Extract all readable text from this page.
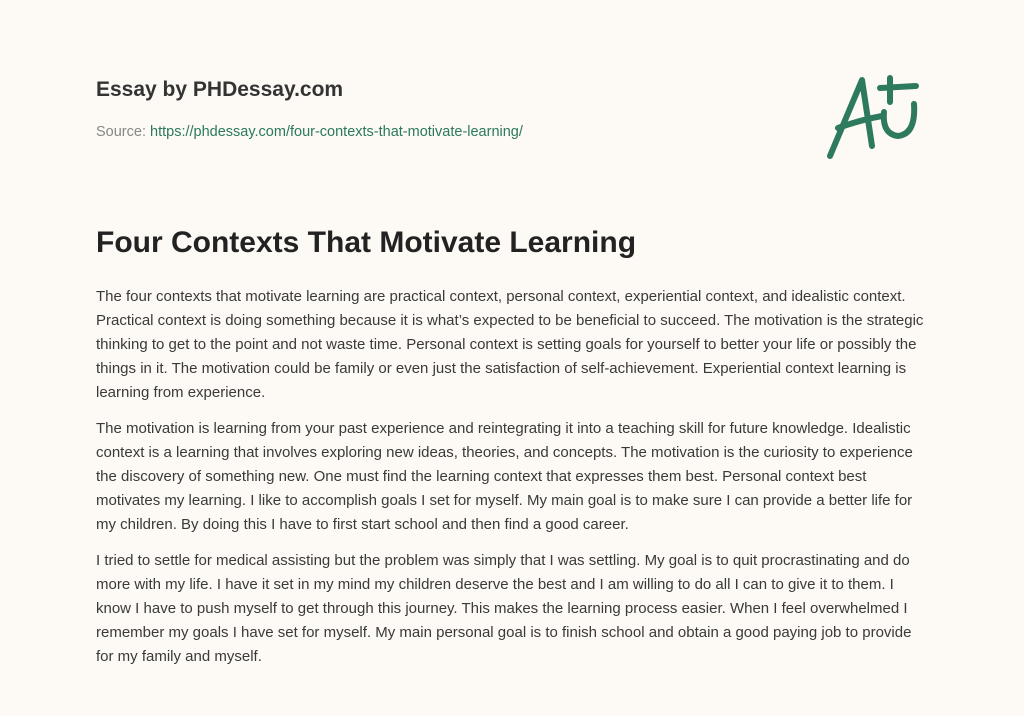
Essay by PHDessay.com
Source: https://phdessay.com/four-contexts-that-motivate-learning/
Four Contexts That Motivate Learning

The four contexts that motivate learning are practical context, personal context, experiential context, and idealistic context. Practical context is doing something because it is what’s expected to be beneficial to succeed. The motivation is the strategic thinking to get to the point and not waste time. Personal context is setting goals for yourself to better your life or possibly the things in it. The motivation could be family or even just the satisfaction of self-achievement. Experiential context learning is learning from experience.

The motivation is learning from your past experience and reintegrating it into a teaching skill for future knowledge. Idealistic context is a learning that involves exploring new ideas, theories, and concepts. The motivation is the curiosity to experience the discovery of something new. One must find the learning context that expresses them best. Personal context best motivates my learning. I like to accomplish goals I set for myself. My main goal is to make sure I can provide a better life for my children. By doing this I have to first start school and then find a good career.

I tried to settle for medical assisting but the problem was simply that I was settling. My goal is to quit procrastinating and do more with my life. I have it set in my mind my children deserve the best and I am willing to do all I can to give it to them. I know I have to push myself to get through this journey. This makes the learning process easier. When I feel overwhelmed I remember my goals I have set for myself. My main personal goal is to finish school and obtain a good paying job to provide for my family and myself.
